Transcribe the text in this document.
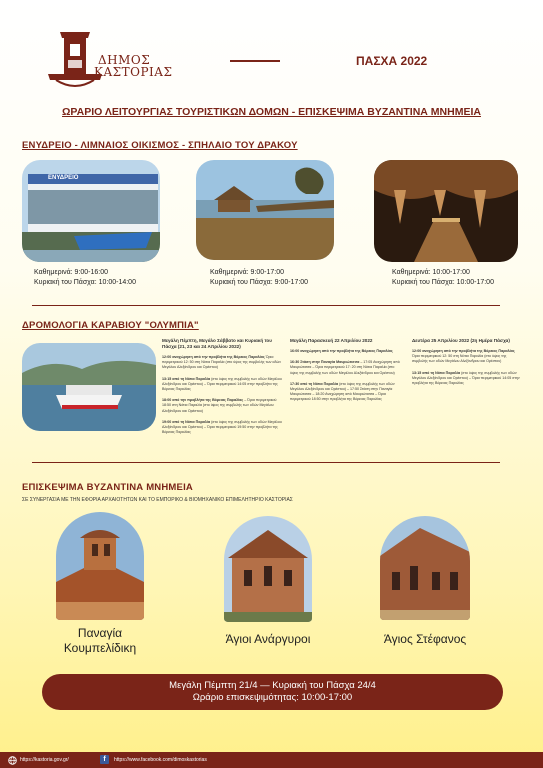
ΔΗΜΟΣ
ΚΑΣΤΟΡΙΑΣ
ΠΑΣΧΑ 2022
ΩΡΑΡΙΟ ΛΕΙΤΟΥΡΓΙΑΣ ΤΟΥΡΙΣΤΙΚΩΝ ΔΟΜΩΝ - ΕΠΙΣΚΕΨΙΜΑ ΒΥΖΑΝΤΙΝΑ ΜΝΗΜΕΙΑ
ΕΝΥΔΡΕΙΟ - ΛΙΜΝΑΙΟΣ ΟΙΚΙΣΜΟΣ - ΣΠΗΛΑΙΟ ΤΟΥ ΔΡΑΚΟΥ
ΕΝΥΔΡΕΙΟ
Καθημερινά: 9:00-16:00
Κυριακή του Πάσχα: 10:00-14:00
Καθημερινά: 9:00-17:00
Κυριακή του Πάσχα: 9:00-17:00
Καθημερινά: 10:00-17:00
Κυριακή του Πάσχα: 10:00-17:00
ΔΡΟΜΟΛΟΓΙΑ ΚΑΡΑΒΙΟΥ "ΟΛΥΜΠΙΑ"
Μεγάλη Πέμπτη, Μεγάλο Σάββατο και Κυριακή του Πάσχα (21, 23 και 24 Απριλίου 2022)

12:00 αναχώρηση από την προβλήτα της Βόρειας Παραλίας Όρια περιμετρικού 12: 50 στη Νότια Παραλία (στο ύψος της συμβολής των οδών Μεγάλου Αλεξάνδρου και Ορέστου)

13:15 από τη Νότια Παραλία (στο ύψος της συμβολής των οδών Μεγάλου Αλεξάνδρου και Ορέστου) – Όρια περιμετρικού 14:05 στην προβλήτα της Βόρειας Παραλίας

18:00 από την προβλήτα της Βόρειας Παραλίας – Όρια περιμετρικού 18:50 στη Νότια Παραλία (στο ύψος της συμβολής των οδών Μεγάλου Αλεξάνδρου και Ορέστου)

19:00 από τη Νότια Παραλία (στο ύψος της συμβολής των οδών Μεγάλου Αλεξάνδρου και Ορέστου) – Όρια περιμετρικού 19:50 στην προβλήτα της Βόρειας Παραλίας

Μεγάλη Παρασκευή 22 Απριλίου 2022

16:00 αναχώρηση από την προβλήτα της Βόρειας Παραλίας

16:30 Στάση στην Παναγία Μαυριώτισσα – 17:05 Αναχώρηση από Μαυριώτισσα – Όρια περιμετρικού 17: 20 στη Νότια Παραλία (στο ύψος της συμβολής των οδών Μεγάλου Αλεξάνδρου και Ορέστου)

17:30 από τη Νότια Παραλία (στο ύψος της συμβολής των οδών Μεγάλου Αλεξάνδρου και Ορέστου) – 17:50 Στάση στην Παναγία Μαυριώτισσα – 18:20 Αναχώρηση από Μαυριώτισσα – Όρια περιμετρικού 18:50 στην προβλήτα της Βόρειας Παραλίας

Δευτέρα 25 Απριλίου 2022 (2η Ημέρα Πάσχα)

12:00 αναχώρηση από την προβλήτα της Βόρειας Παραλίας Όρια περιμετρικού 12: 50 στη Νότια Παραλία (στο ύψος της συμβολής των οδών Μεγάλου Αλεξάνδρου και Ορέστου)

13:15 από τη Νότια Παραλία (στο ύψος της συμβολής των οδών Μεγάλου Αλεξάνδρου και Ορέστου) – Όρια περιμετρικού 14:05 στην προβλήτα της Βόρειας Παραλίας

ΕΠΙΣΚΕΨΙΜΑ ΒΥΖΑΝΤΙΝΑ ΜΝΗΜΕΙΑ
ΣΕ ΣΥΝΕΡΓΑΣΙΑ ΜΕ ΤΗΝ ΕΦΟΡΙΑ ΑΡΧΑΙΟΤΗΤΩΝ ΚΑΙ ΤΟ ΕΜΠΟΡΙΚΟ & ΒΙΟΜΗΧΑΝΙΚΟ ΕΠΙΜΕΛΗΤΗΡΙΟ ΚΑΣΤΟΡΙΑΣ
Παναγία
Κουμπελίδικη
Άγιοι Ανάργυροι	Άγιος Στέφανος
Μεγάλη Πέμπτη 21/4 — Κυριακή του Πάσχα 24/4
Ωράριο επισκεψιμότητας: 10:00-17:00
https://kastoria.gov.gr/	f	https://www.facebook.com/dimoskastorias
